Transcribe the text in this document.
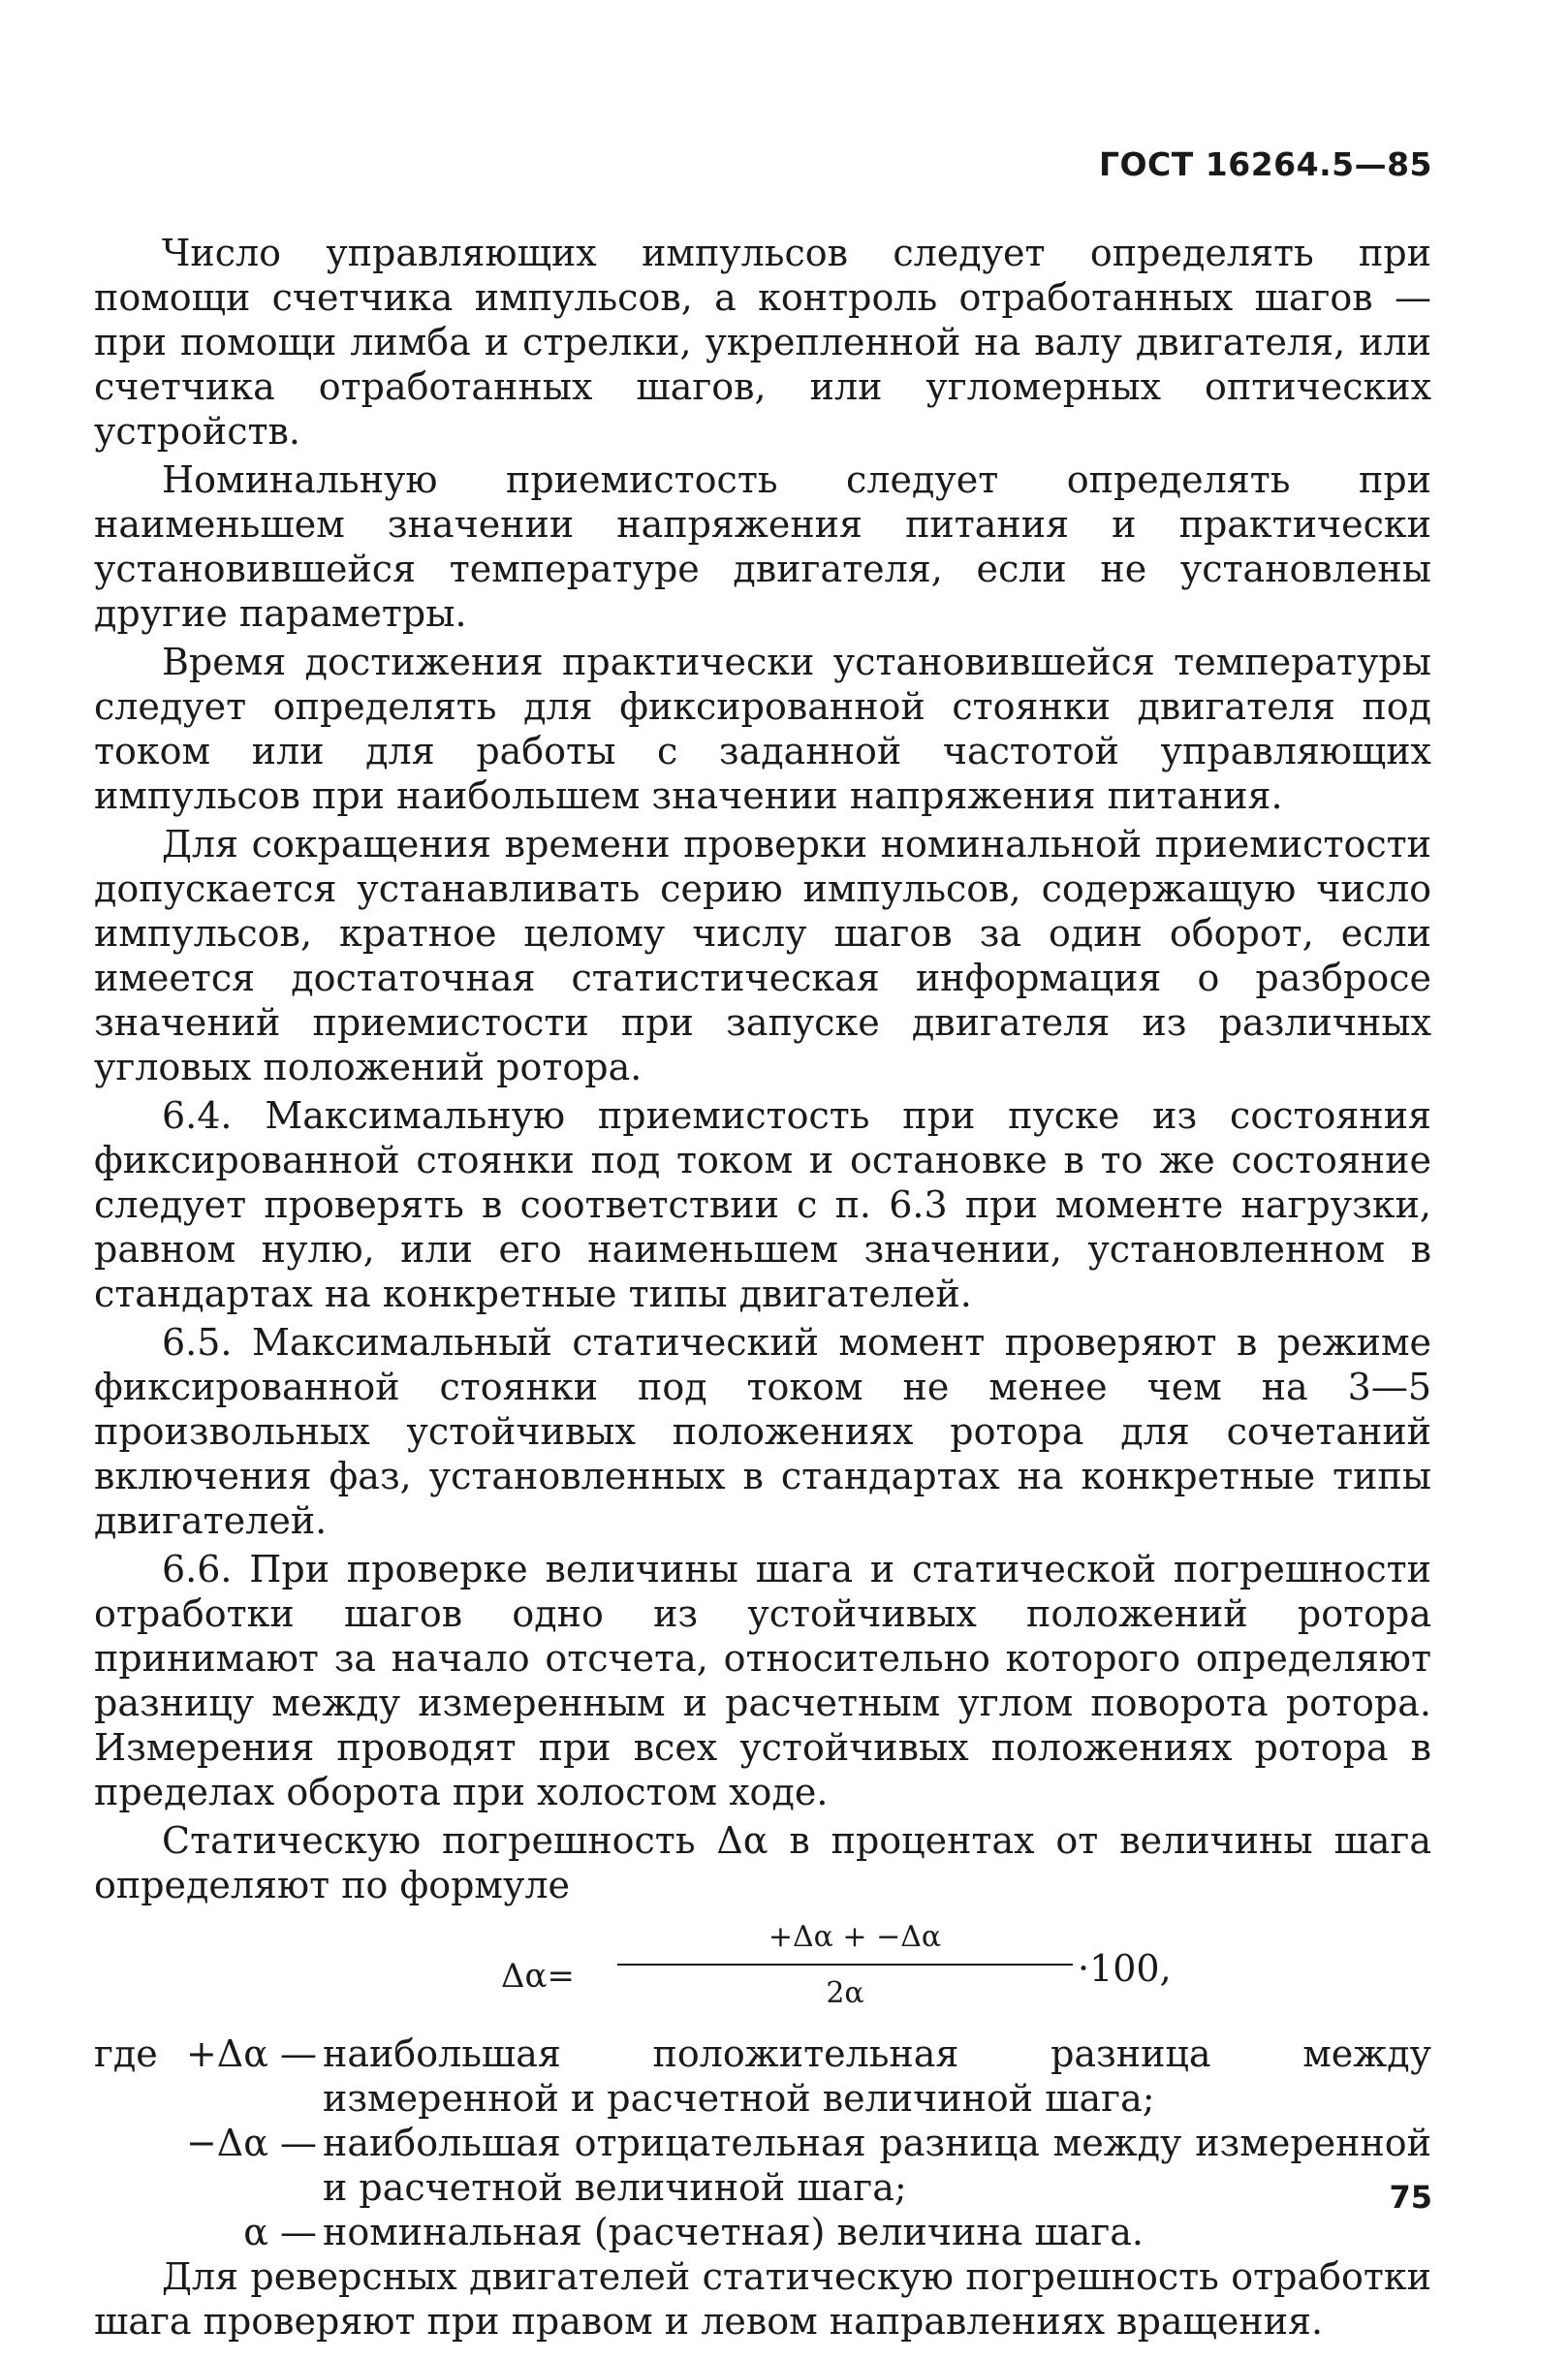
ГОСТ 16264.5—85

Число управляющих импульсов следует определять при помощи счетчика импульсов, а контроль отработанных шагов — при помощи лимба и стрелки, укрепленной на валу двигателя, или счетчика отработанных шагов, или угломерных оптических устройств.

Номинальную приемистость следует определять при наименьшем значении напряжения питания и практически установившейся температуре двигателя, если не установлены другие параметры.

Время достижения практически установившейся температуры следует определять для фиксированной стоянки двигателя под током или для работы с заданной частотой управляющих импульсов при наибольшем значении напряжения питания.

Для сокращения времени проверки номинальной приемистости допускается устанавливать серию импульсов, содержащую число импульсов, кратное целому числу шагов за один оборот, если имеется достаточная статистическая информация о разбросе значений приемистости при запуске двигателя из различных угловых положений ротора.

6.4. Максимальную приемистость при пуске из состояния фиксированной стоянки под током и остановке в то же состояние следует проверять в соответствии с п. 6.3 при моменте нагрузки, равном нулю, или его наименьшем значении, установленном в стандартах на конкретные типы двигателей.

6.5. Максимальный статический момент проверяют в режиме фиксированной стоянки под током не менее чем на 3—5 произвольных устойчивых положениях ротора для сочетаний включения фаз, установленных в стандартах на конкретные типы двигателей.

6.6. При проверке величины шага и статической погрешности отработки шагов одно из устойчивых положений ротора принимают за начало отсчета, относительно которого определяют разницу между измеренным и расчетным углом поворота ротора. Измерения проводят при всех устойчивых положениях ротора в пределах оборота при холостом ходе.

Статическую погрешность Δα в процентах от величины шага определяют по формуле

Δα=
+Δα + −Δα
2α
·100,
где +Δα — наибольшая положительная разница между измеренной и расчетной величиной шага;
−Δα — наибольшая отрицательная разница между измеренной и расчетной величиной шага;
α — номинальная (расчетная) величина шага.

Для реверсных двигателей статическую погрешность отработки шага проверяют при правом и левом направлениях вращения.

75
